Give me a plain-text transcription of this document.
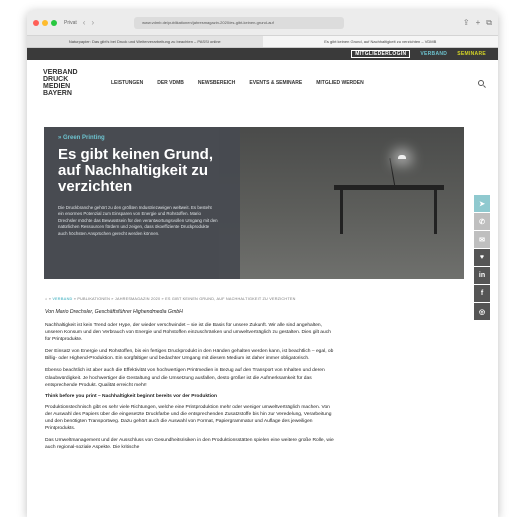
Privat ‹ ›	www.vdmb.de/publikationen/jahresmagazin-2020/es-gibt-keinen-grund-auf	⇪ + ⧉
Naturpapier: Das gibt's bei Druck und Weiterverarbeitung zu beachten – PASSI online	Es gibt keinen Grund, auf Nachhaltigkeit zu verzichten – VDMB
MITGLIEDERLOGIN	VERBAND SEMINARE
VERBAND
DRUCK
MEDIEN
BAYERN
LEISTUNGEN	DER VDMB	NEWSBEREICH	EVENTS & SEMINARE	MITGLIED WERDEN
» Green Printing
Es gibt keinen Grund, auf Nachhaltigkeit zu verzichten
Die Druckbranche gehört zu den größten Industriezweigen weltweit. Es besteht ein enormes Potenzial zum Einsparen von Energie und Rohstoffen. Mario Drechsler möchte das Bewusstsein für den verantwortungsvollen Umgang mit den natürlichen Ressourcen fördern und zeigen, dass ökoeffiziente Druckprodukte auch höchsten Ansprüchen gerecht werden können.
➤
✆
✉
♥
in
f
◎
⌂ » VERBAND » PUBLIKATIONEN » JAHRESMAGAZIN 2020 » ES GIBT KEINEN GRUND, AUF NACHHALTIGKEIT ZU VERZICHTEN
Von Mario Drechsler, Geschäftsführer Highendmedia GmbH

Nachhaltigkeit ist kein Trend oder Hype, der wieder verschwindet – sie ist die Basis für unsere Zukunft. Wir alle sind angehalten, unseren Konsum und den Verbrauch von Energie und Rohstoffen einzuschränken und umweltverträglich zu gestalten. Dies gilt auch für Printprodukte.

Der Einsatz von Energie und Rohstoffen, bis ein fertiges Druckprodukt in den Händen gehalten werden kann, ist beachtlich – egal, ob Billig- oder Highend-Produktion. Ein sorgfältiger und bedachter Umgang mit diesem Medium ist daher immer obligatorisch.

Ebenso beachtlich ist aber auch die Effektivität von hochwertigen Printmedien in Bezug auf den Transport von Inhalten und deren Glaubwürdigkeit. Je hochwertiger die Gestaltung und die Umsetzung ausfallen, desto größer ist die Aufmerksamkeit für das entsprechende Produkt. Qualität erreicht mehr!

Think before you print – Nachhaltigkeit beginnt bereits vor der Produktion

Produktionstechnisch gibt es sehr viele Richtungen, welche eine Printproduktion mehr oder weniger umweltverträglich machen. Von der Auswahl des Papiers über die eingesetzte Druckfarbe und die entsprechenden Zusatzstoffe bis hin zur Veredelung, Verarbeitung und den benötigten Transportweg. Dazu gehört auch die Auswahl von Format, Papiergrammatur und Auflage des jeweiligen Printprodukts.

Das Umweltmanagement und der Ausschluss von Gesundheitsrisiken in den Produktionsstätten spielen eine weitere große Rolle, wie auch regional-soziale Aspekte. Die kritische
